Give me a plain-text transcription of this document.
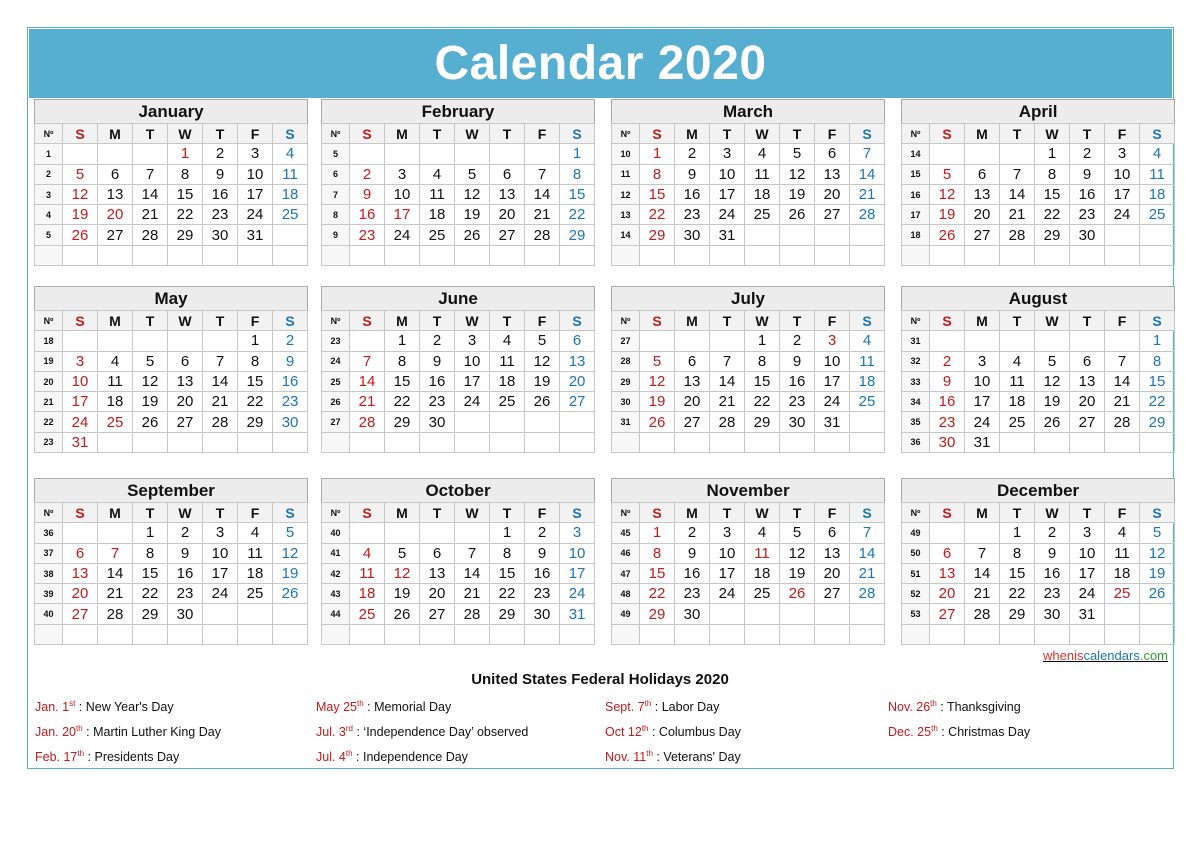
Calendar 2020
January							
Nº	S	M	T	W	T	F	S
1				1	2	3	4
2	5	6	7	8	9	10	11
3	12	13	14	15	16	17	18
4	19	20	21	22	23	24	25
5	26	27	28	29	30	31	

February							
Nº	S	M	T	W	T	F	S
5							1
6	2	3	4	5	6	7	8
7	9	10	11	12	13	14	15
8	16	17	18	19	20	21	22
9	23	24	25	26	27	28	29

March							
Nº	S	M	T	W	T	F	S
10	1	2	3	4	5	6	7
11	8	9	10	11	12	13	14
12	15	16	17	18	19	20	21
13	22	23	24	25	26	27	28
14	29	30	31				

April							
Nº	S	M	T	W	T	F	S
14				1	2	3	4
15	5	6	7	8	9	10	11
16	12	13	14	15	16	17	18
17	19	20	21	22	23	24	25
18	26	27	28	29	30		

May							
Nº	S	M	T	W	T	F	S
18						1	2
19	3	4	5	6	7	8	9
20	10	11	12	13	14	15	16
21	17	18	19	20	21	22	23
22	24	25	26	27	28	29	30
23	31						
June							
Nº	S	M	T	W	T	F	S
23		1	2	3	4	5	6
24	7	8	9	10	11	12	13
25	14	15	16	17	18	19	20
26	21	22	23	24	25	26	27
27	28	29	30				

July							
Nº	S	M	T	W	T	F	S
27				1	2	3	4
28	5	6	7	8	9	10	11
29	12	13	14	15	16	17	18
30	19	20	21	22	23	24	25
31	26	27	28	29	30	31	

August							
Nº	S	M	T	W	T	F	S
31							1
32	2	3	4	5	6	7	8
33	9	10	11	12	13	14	15
34	16	17	18	19	20	21	22
35	23	24	25	26	27	28	29
36	30	31					
September							
Nº	S	M	T	W	T	F	S
36			1	2	3	4	5
37	6	7	8	9	10	11	12
38	13	14	15	16	17	18	19
39	20	21	22	23	24	25	26
40	27	28	29	30			

October							
Nº	S	M	T	W	T	F	S
40					1	2	3
41	4	5	6	7	8	9	10
42	11	12	13	14	15	16	17
43	18	19	20	21	22	23	24
44	25	26	27	28	29	30	31

November							
Nº	S	M	T	W	T	F	S
45	1	2	3	4	5	6	7
46	8	9	10	11	12	13	14
47	15	16	17	18	19	20	21
48	22	23	24	25	26	27	28
49	29	30					

December							
Nº	S	M	T	W	T	F	S
49			1	2	3	4	5
50	6	7	8	9	10	11	12
51	13	14	15	16	17	18	19
52	20	21	22	23	24	25	26
53	27	28	29	30	31		

wheniscalendars.com
United States Federal Holidays 2020
Jan. 1st : New Year's Day
Jan. 20th : Martin Luther King Day
Feb. 17th : Presidents Day
May 25th : Memorial Day
Jul. 3rd : ‘Independence Day’ observed
Jul. 4th : Independence Day
Sept. 7th : Labor Day
Oct 12th : Columbus Day
Nov. 11th : Veterans' Day
Nov. 26th : Thanksgiving
Dec. 25th : Christmas Day
